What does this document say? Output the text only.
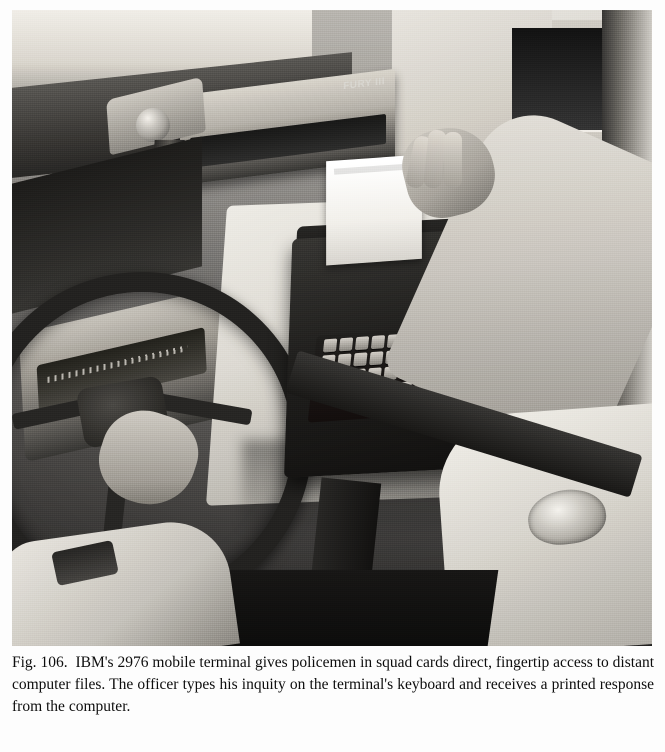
FURY III
Fig. 106. IBM's 2976 mobile terminal gives policemen in squad cards direct, fingertip access to distant computer files. The officer types his inquity on the terminal's keyboard and receives a printed response from the computer.
